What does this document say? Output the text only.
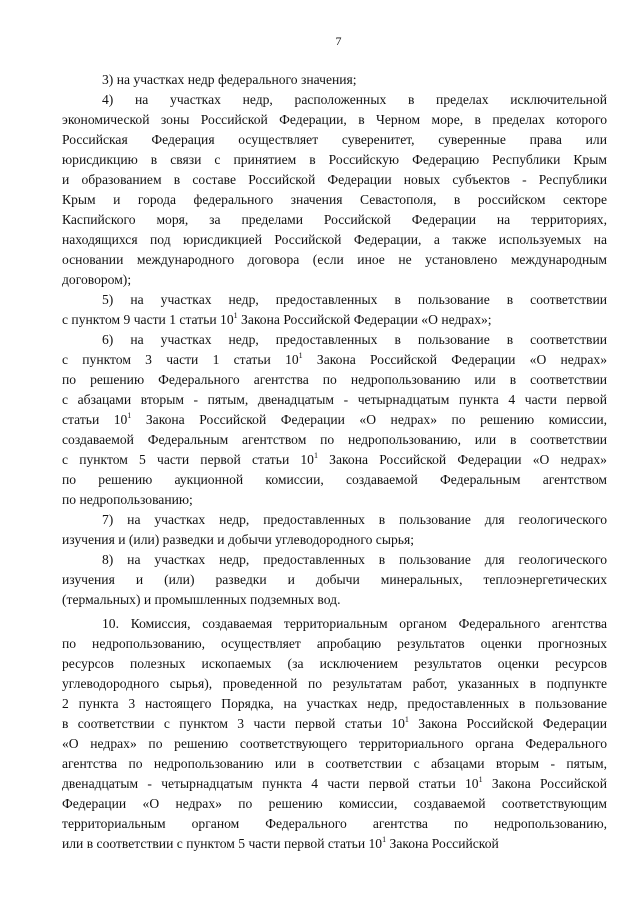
7
3) на участках недр федерального значения;
4) на участках недр, расположенных в пределах исключительной
экономической зоны Российской Федерации, в Черном море, в пределах которого
Российская Федерация осуществляет суверенитет, суверенные права или
юрисдикцию в связи с принятием в Российскую Федерацию Республики Крым
и образованием в составе Российской Федерации новых субъектов - Республики
Крым и города федерального значения Севастополя, в российском секторе
Каспийского моря, за пределами Российской Федерации на территориях,
находящихся под юрисдикцией Российской Федерации, а также используемых на
основании международного договора (если иное не установлено международным
договором);
5) на участках недр, предоставленных в пользование в соответствии
с пунктом 9 части 1 статьи $10^1$ Закона Российской Федерации «О недрах»;
6) на участках недр, предоставленных в пользование в соответствии
с пунктом 3 части 1 статьи $10^1$ Закона Российской Федерации «О недрах»
по решению Федерального агентства по недропользованию или в соответствии
с абзацами вторым - пятым, двенадцатым - четырнадцатым пункта 4 части первой
статьи $10^1$ Закона Российской Федерации «О недрах» по решению комиссии,
создаваемой Федеральным агентством по недропользованию, или в соответствии
с пунктом 5 части первой статьи $10^1$ Закона Российской Федерации «О недрах»
по решению аукционной комиссии, создаваемой Федеральным агентством
по недропользованию;
7) на участках недр, предоставленных в пользование для геологического
изучения и (или) разведки и добычи углеводородного сырья;
8) на участках недр, предоставленных в пользование для геологического
изучения и (или) разведки и добычи минеральных, теплоэнергетических
(термальных) и промышленных подземных вод.
10. Комиссия, создаваемая территориальным органом Федерального агентства
по недропользованию, осуществляет апробацию результатов оценки прогнозных
ресурсов полезных ископаемых (за исключением результатов оценки ресурсов
углеводородного сырья), проведенной по результатам работ, указанных в подпункте
2 пункта 3 настоящего Порядка, на участках недр, предоставленных в пользование
в соответствии с пунктом 3 части первой статьи $10^1$ Закона Российской Федерации
«О недрах» по решению соответствующего территориального органа Федерального
агентства по недропользованию или в соответствии с абзацами вторым - пятым,
двенадцатым - четырнадцатым пункта 4 части первой статьи $10^1$ Закона Российской
Федерации «О недрах» по решению комиссии, создаваемой соответствующим
территориальным органом Федерального агентства по недропользованию,
или в соответствии с пунктом 5 части первой статьи $10^1$ Закона Российской
